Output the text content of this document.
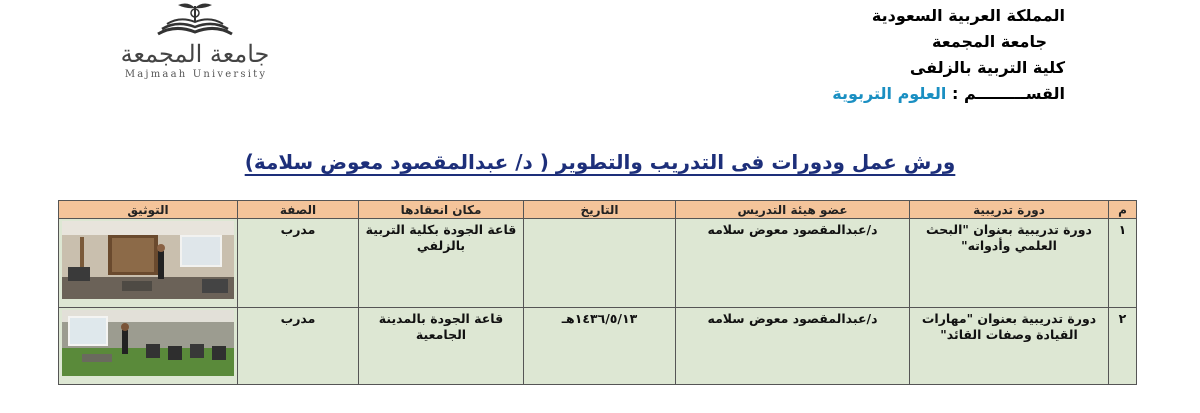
جامعة المجمعة
Majmaah University
المملكة العربية السعودية
جامعة المجمعة
كلية التربية بالزلفى
القســـــــــم : العلوم التربوية
ورش عمل ودورات فى التدريب والتطوير ( د/ عبدالمقصود معوض سلامة)
م	دورة تدريبية	عضو هيئة التدريس	التاريخ	مكان انعقادها	الصفة	التوثيق
١	دورة تدريبية بعنوان "البحث العلمي وأدواته"	د/عبدالمقصود معوض سلامه		قاعة الجودة بكلية التربية بالزلفي	مدرب	

٢	دورة تدريبية بعنوان "مهارات القيادة وصفات القائد"	د/عبدالمقصود معوض سلامه	١٤٣٦/٥/١٣هـ	قاعة الجودة بالمدينة الجامعية	مدرب	
